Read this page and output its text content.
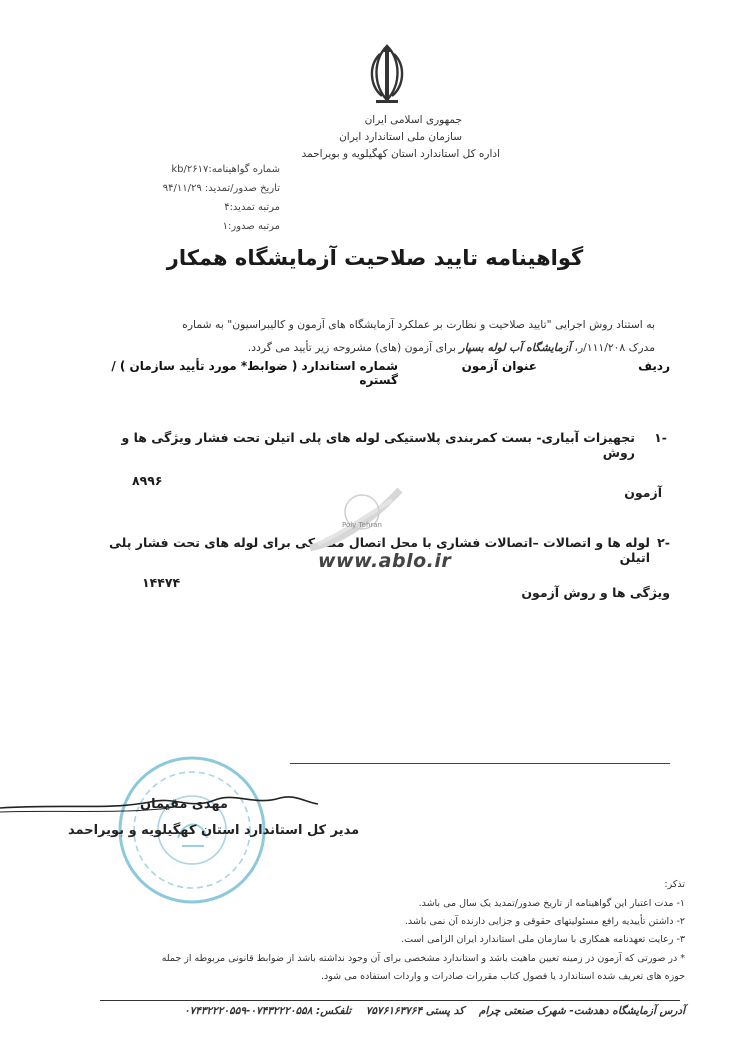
جمهوری اسلامی ایران
سازمان ملی استاندارد ایران
اداره کل استاندارد استان کهگیلویه و بویراحمد
شماره گواهینامه:kb/۲۶۱۷
تاریخ صدور/تمدید: ۹۴/۱۱/۲۹
مرتبه تمدید:۴
مرتبه صدور:۱
گواهینامه تایید صلاحیت آزمایشگاه همکار
به استناد روش اجرایی "تایید صلاحیت و نظارت بر عملکرد آزمایشگاه های آزمون و کالیبراسیون" به شماره
مدرک ۱۱۱/۲۰۸/ر، آزمایشگاه آب لوله بسپار برای آزمون (های) مشروحه زیر تأیید می گردد.
ردیف
عنوان آزمون
شماره استاندارد ( ضوابط* مورد تأیید سازمان ) /گستره
۱-
تجهیزات آبیاری- بست کمربندی پلاستیکی لوله های پلی اتیلن تحت فشار ویژگی ها و روش
آزمون
۸۹۹۶
۲-
لوله ها و اتصالات –اتصالات فشاری با محل اتصال مکانیکی برای لوله های تحت فشار پلی اتیلن
ویژگی ها و روش آزمون
۱۴۴۷۴
Poly Tehran
www.ablo.ir
مهدی مقیمان
مدیر کل استاندارد استان کهگیلویه و بویراحمد
تذکر:
۱- مدت اعتبار این گواهینامه از تاریخ صدور/تمدید یک سال می باشد.
۲- داشتن تأییدیه رافع مسئولیتهای حقوقی و جزایی دارنده آن نمی باشد.
۳- رعایت تعهدنامه همکاری با سازمان ملی استاندارد ایران الزامی است.
* در صورتی که آزمون در زمینه تعیین ماهیت باشد و استاندارد مشخصی برای آن وجود نداشته باشد از ضوابط قانونی مربوطه از جمله
حوزه های تعریف شده استاندارد یا فصول کتاب مقررات صادرات و واردات استفاده می شود.
آدرس آزمایشگاه دهدشت- شهرک صنعتی چرام    کد پستی ۷۵۷۶۱۶۳۷۶۴    تلفکس: ۰۷۴۳۲۲۲۰۵۵۸-۰۷۴۳۲۲۲۰۵۵۹
